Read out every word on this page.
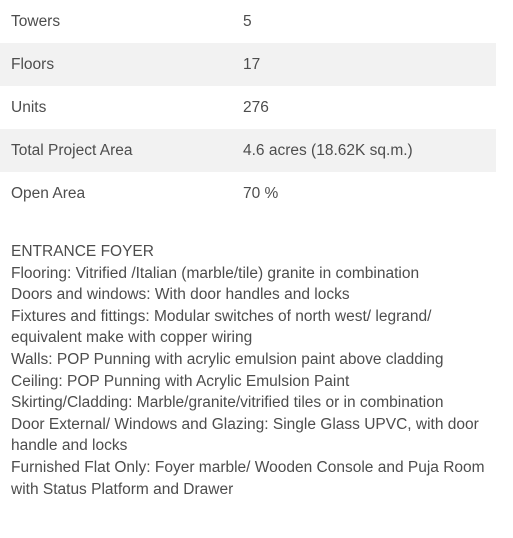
Towers	5
Floors	17
Units	276
Total Project Area	4.6 acres (18.62K sq.m.)
Open Area	70 %
ENTRANCE FOYER
Flooring: Vitrified /Italian (marble/tile) granite in combination
Doors and windows: With door handles and locks
Fixtures and fittings: Modular switches of north west/ legrand/ equivalent make with copper wiring
Walls: POP Punning with acrylic emulsion paint above cladding
Ceiling: POP Punning with Acrylic Emulsion Paint
Skirting/Cladding: Marble/granite/vitrified tiles or in combination
Door External/ Windows and Glazing: Single Glass UPVC, with door handle and locks
Furnished Flat Only: Foyer marble/ Wooden Console and Puja Room with Status Platform and Drawer
